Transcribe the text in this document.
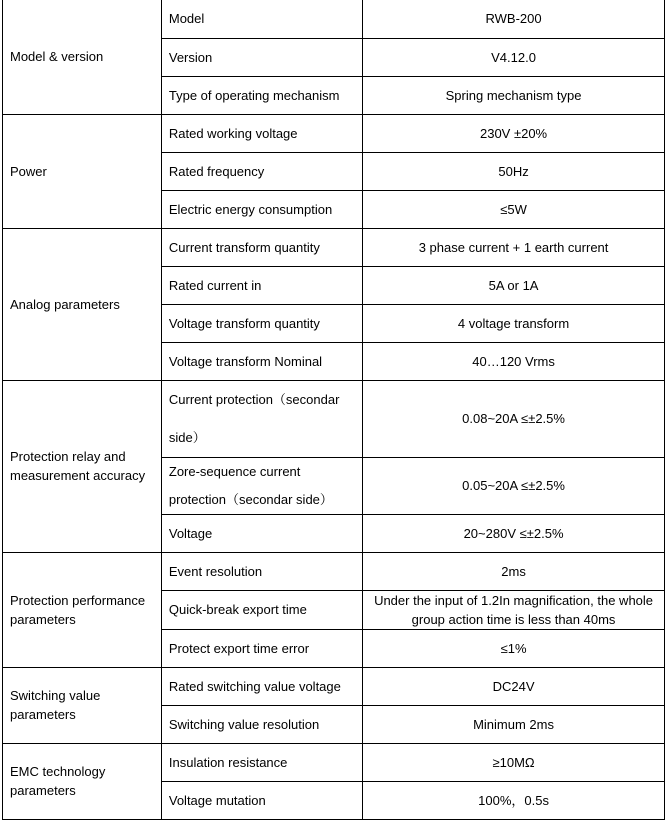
Model & version	Model	RWB-200
	Version	V4.12.0
	Type of operating mechanism	Spring mechanism type
Power	Rated working voltage	230V ±20%
	Rated frequency	50Hz
	Electric energy consumption	≤5W
Analog parameters	Current transform quantity	3 phase current + 1 earth current
	Rated current in	5A or 1A
	Voltage transform quantity	4 voltage transform
	Voltage transform Nominal	40…120 Vrms
Protection relay and measurement accuracy	Current protection（secondar side）	0.08~20A ≤±2.5%
	Zore-sequence current protection（secondar side）	0.05~20A ≤±2.5%
	Voltage	20~280V ≤±2.5%
Protection performance parameters	Event resolution	2ms
	Quick-break export time	Under the input of 1.2In magnification, the whole group action time is less than 40ms
	Protect export time error	≤1%
Switching value parameters	Rated switching value voltage	DC24V
	Switching value resolution	Minimum 2ms
EMC technology parameters	Insulation resistance	≥10MΩ
	Voltage mutation	100%，0.5s
